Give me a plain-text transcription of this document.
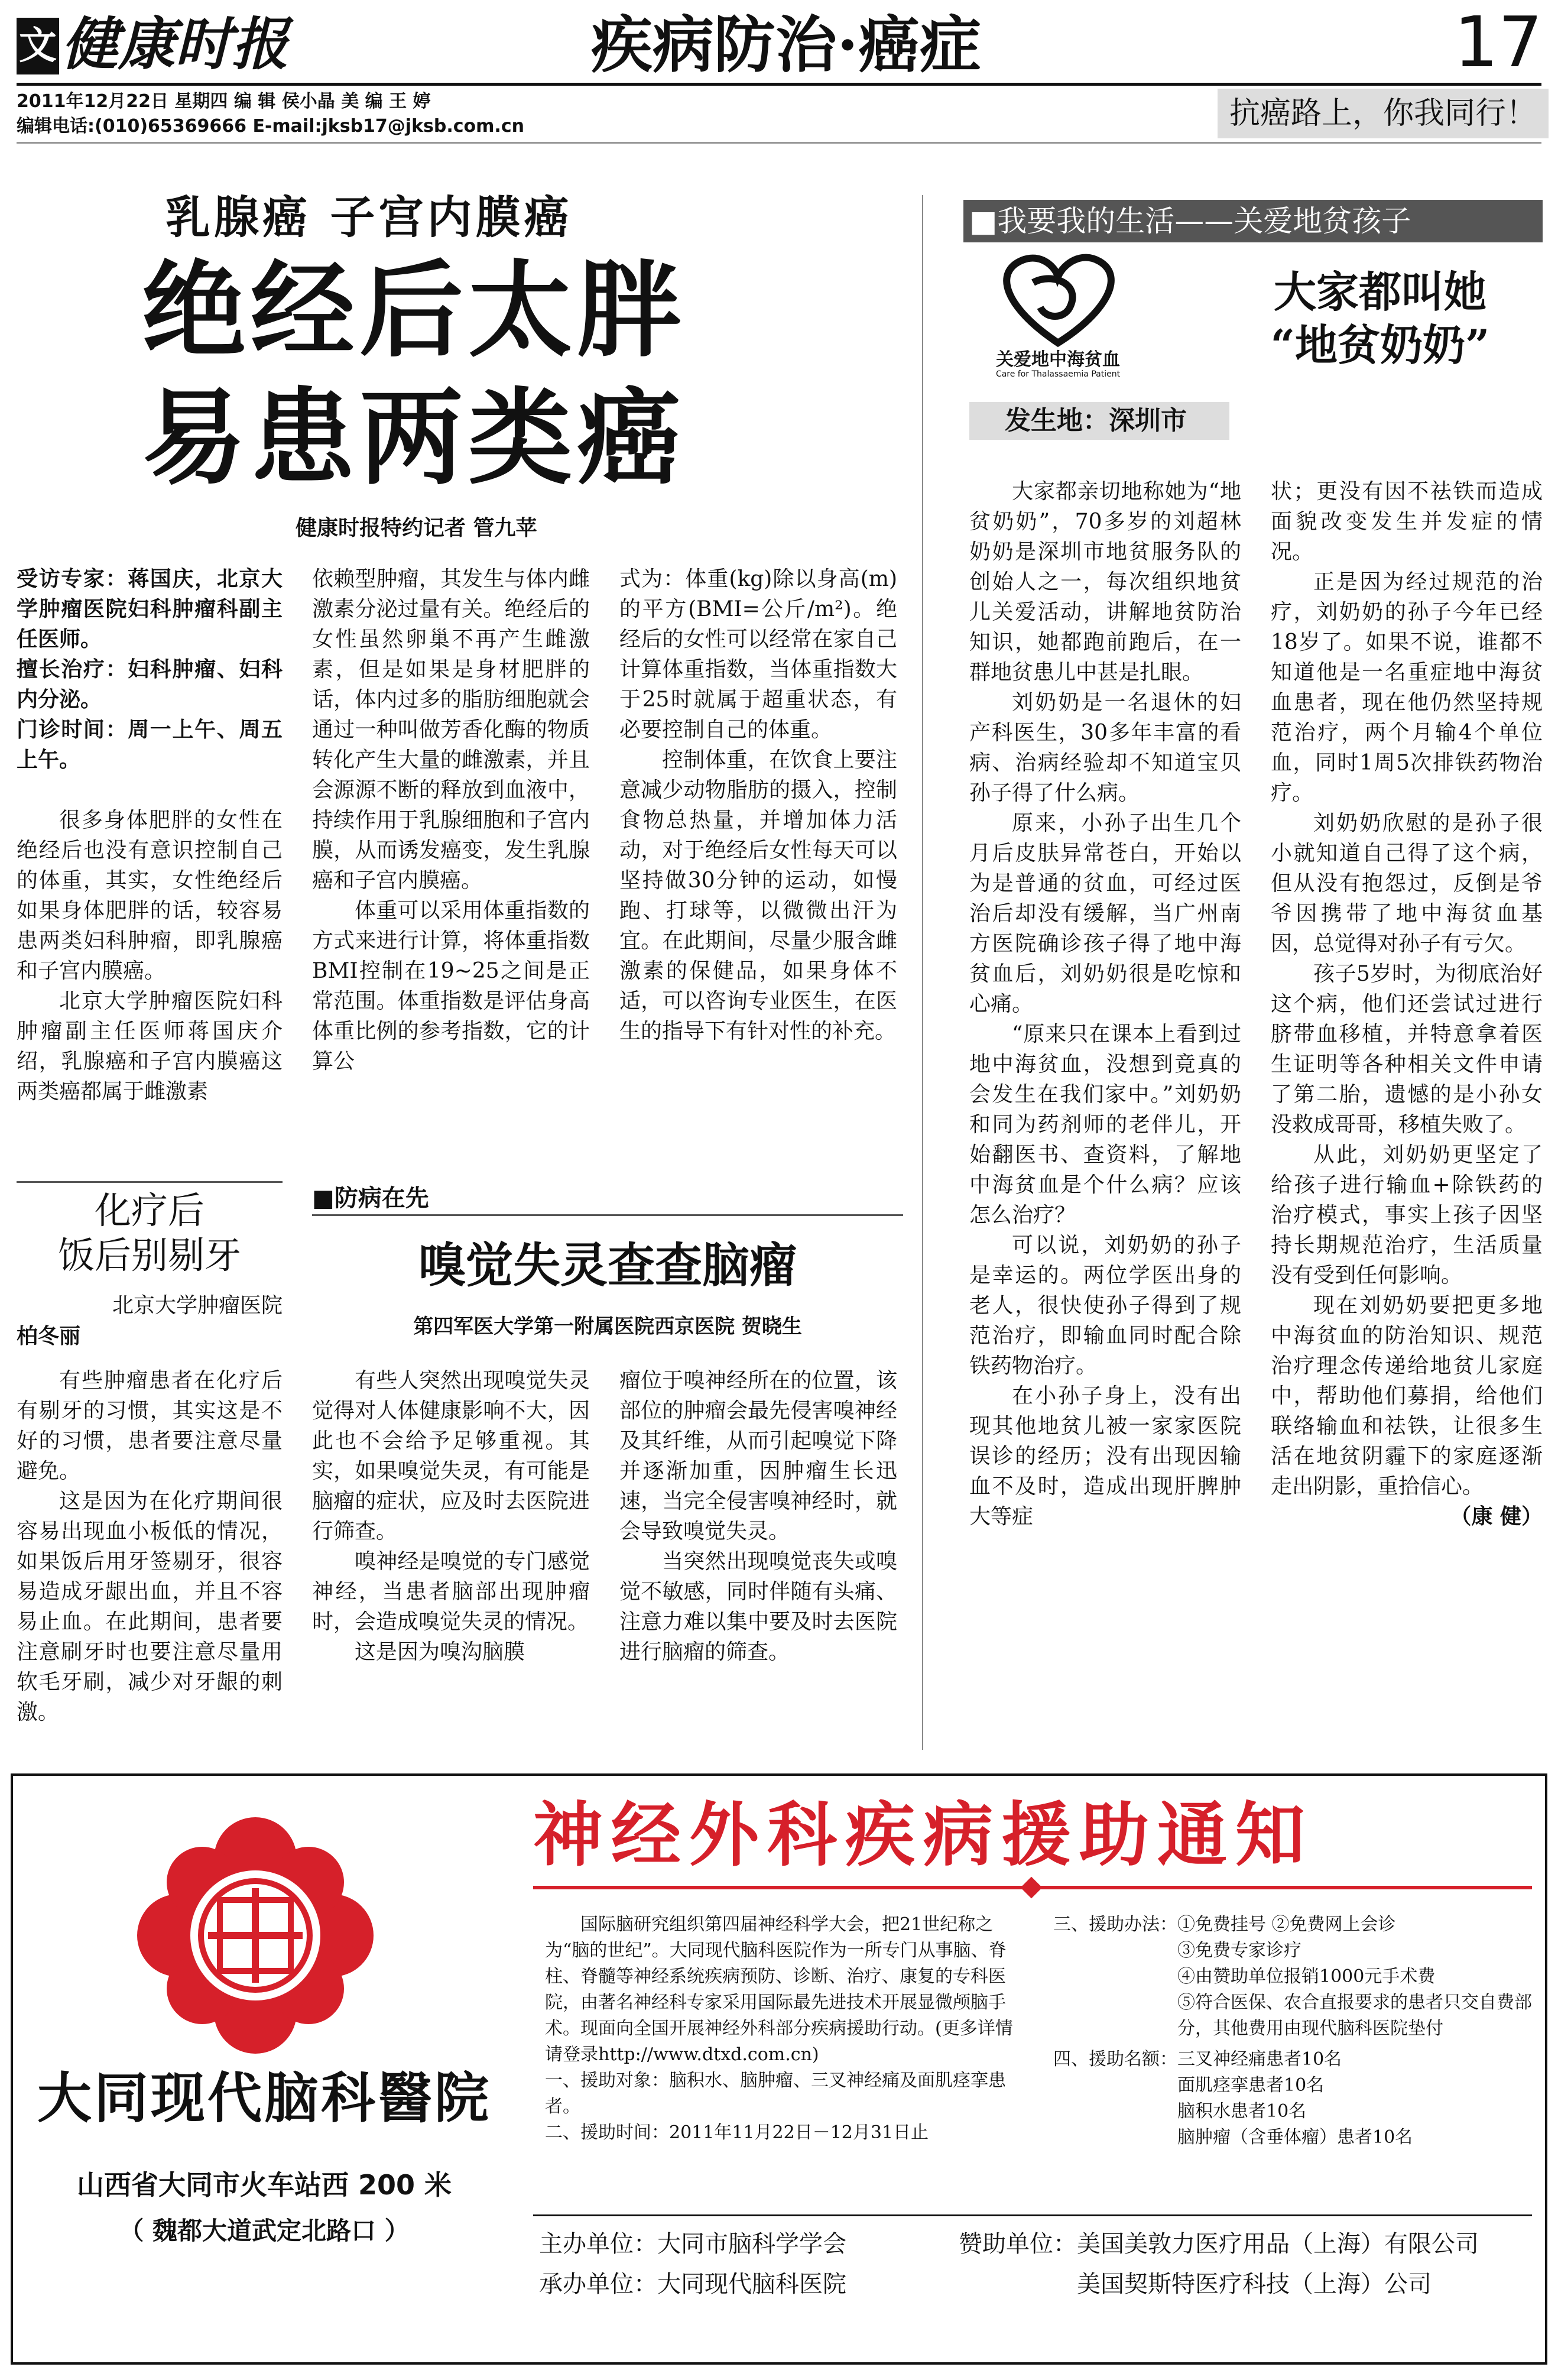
文 健康时报	疾病防治·癌症	17
2011年12月22日 星期四 编 辑 侯小晶 美 编 王 婷
编辑电话:(010)65369666 E-mail:jksb17@jksb.com.cn	抗癌路上，你我同行！
乳腺癌 子宫内膜癌
绝经后太胖
易患两类癌
健康时报特约记者 管九苹

受访专家：蒋国庆，北京大学肿瘤医院妇科肿瘤科副主任医师。

擅长治疗：妇科肿瘤、妇科内分泌。

门诊时间：周一上午、周五上午。

很多身体肥胖的女性在绝经后也没有意识控制自己的体重，其实，女性绝经后如果身体肥胖的话，较容易患两类妇科肿瘤，即乳腺癌和子宫内膜癌。

北京大学肿瘤医院妇科肿瘤副主任医师蒋国庆介绍，乳腺癌和子宫内膜癌这两类癌都属于雌激素

依赖型肿瘤，其发生与体内雌激素分泌过量有关。绝经后的女性虽然卵巢不再产生雌激素，但是如果是身材肥胖的话，体内过多的脂肪细胞就会通过一种叫做芳香化酶的物质转化产生大量的雌激素，并且会源源不断的释放到血液中，持续作用于乳腺细胞和子宫内膜，从而诱发癌变，发生乳腺癌和子宫内膜癌。

体重可以采用体重指数的方式来进行计算，将体重指数BMI控制在19~25之间是正常范围。体重指数是评估身高体重比例的参考指数，它的计算公

式为：体重(kg)除以身高(m)的平方(BMI=公斤/m²)。绝经后的女性可以经常在家自己计算体重指数，当体重指数大于25时就属于超重状态，有必要控制自己的体重。

控制体重，在饮食上要注意减少动物脂肪的摄入，控制食物总热量，并增加体力活动，对于绝经后女性每天可以坚持做30分钟的运动，如慢跑、打球等，以微微出汗为宜。在此期间，尽量少服含雌激素的保健品，如果身体不适，可以咨询专业医生，在医生的指导下有针对性的补充。

化疗后
饭后别剔牙
北京大学肿瘤医院
柏冬丽

有些肿瘤患者在化疗后有剔牙的习惯，其实这是不好的习惯，患者要注意尽量避免。

这是因为在化疗期间很容易出现血小板低的情况，如果饭后用牙签剔牙，很容易造成牙龈出血，并且不容易止血。在此期间，患者要注意刷牙时也要注意尽量用软毛牙刷，减少对牙龈的刺激。

■防病在先
嗅觉失灵查查脑瘤
第四军医大学第一附属医院西京医院 贺晓生

有些人突然出现嗅觉失灵觉得对人体健康影响不大，因此也不会给予足够重视。其实，如果嗅觉失灵，有可能是脑瘤的症状，应及时去医院进行筛查。

嗅神经是嗅觉的专门感觉神经，当患者脑部出现肿瘤时，会造成嗅觉失灵的情况。

这是因为嗅沟脑膜

瘤位于嗅神经所在的位置，该部位的肿瘤会最先侵害嗅神经及其纤维，从而引起嗅觉下降并逐渐加重，因肿瘤生长迅速，当完全侵害嗅神经时，就会导致嗅觉失灵。

当突然出现嗅觉丧失或嗅觉不敏感，同时伴随有头痛、注意力难以集中要及时去医院进行脑瘤的筛查。

■我要我的生活——关爱地贫孩子
关爱地中海贫血
Care for Thalassaemia Patient
大家都叫她
“地贫奶奶”
发生地：深圳市

大家都亲切地称她为“地贫奶奶”，70多岁的刘超林奶奶是深圳市地贫服务队的创始人之一，每次组织地贫儿关爱活动，讲解地贫防治知识，她都跑前跑后，在一群地贫患儿中甚是扎眼。

刘奶奶是一名退休的妇产科医生，30多年丰富的看病、治病经验却不知道宝贝孙子得了什么病。

原来，小孙子出生几个月后皮肤异常苍白，开始以为是普通的贫血，可经过医治后却没有缓解，当广州南方医院确诊孩子得了地中海贫血后，刘奶奶很是吃惊和心痛。

“原来只在课本上看到过地中海贫血，没想到竟真的会发生在我们家中。”刘奶奶和同为药剂师的老伴儿，开始翻医书、查资料，了解地中海贫血是个什么病？应该怎么治疗？

可以说，刘奶奶的孙子是幸运的。两位学医出身的老人，很快使孙子得到了规范治疗，即输血同时配合除铁药物治疗。

在小孙子身上，没有出现其他地贫儿被一家家医院误诊的经历；没有出现因输血不及时，造成出现肝脾肿大等症

状；更没有因不祛铁而造成面貌改变发生并发症的情况。

正是因为经过规范的治疗，刘奶奶的孙子今年已经18岁了。如果不说，谁都不知道他是一名重症地中海贫血患者，现在他仍然坚持规范治疗，两个月输4个单位血，同时1周5次排铁药物治疗。

刘奶奶欣慰的是孙子很小就知道自己得了这个病，但从没有抱怨过，反倒是爷爷因携带了地中海贫血基因，总觉得对孙子有亏欠。

孩子5岁时，为彻底治好这个病，他们还尝试过进行脐带血移植，并特意拿着医生证明等各种相关文件申请了第二胎，遗憾的是小孙女没救成哥哥，移植失败了。

从此，刘奶奶更坚定了给孩子进行输血+除铁药的治疗模式，事实上孩子因坚持长期规范治疗，生活质量没有受到任何影响。

现在刘奶奶要把更多地中海贫血的防治知识、规范治疗理念传递给地贫儿家庭中，帮助他们募捐，给他们联络输血和祛铁，让很多生活在地贫阴霾下的家庭逐渐走出阴影，重拾信心。

（康 健）
大同现代脑科醫院
山西省大同市火车站西 200 米
（ 魏都大道武定北路口 ）
神经外科疾病援助通知

国际脑研究组织第四届神经科学大会，把21世纪称之为“脑的世纪”。大同现代脑科医院作为一所专门从事脑、脊柱、脊髓等神经系统疾病预防、诊断、治疗、康复的专科医院，由著名神经科专家采用国际最先进技术开展显微颅脑手术。现面向全国开展神经外科部分疾病援助行动。(更多详情请登录http://www.dtxd.com.cn)

一、援助对象：脑积水、脑肿瘤、三叉神经痛及面肌痉挛患者。
二、援助时间：2011年11月22日－12月31日止
三、援助办法： ①免费挂号 ②免费网上会诊
③免费专家诊疗
④由赞助单位报销1000元手术费
⑤符合医保、农合直报要求的患者只交自费部分，其他费用由现代脑科医院垫付
四、援助名额： 三叉神经痛患者10名
面肌痉挛患者10名
脑积水患者10名
脑肿瘤（含垂体瘤）患者10名
主办单位：大同市脑科学学会
承办单位：大同现代脑科医院
赞助单位：美国美敦力医疗用品（上海）有限公司
美国契斯特医疗科技（上海）公司
